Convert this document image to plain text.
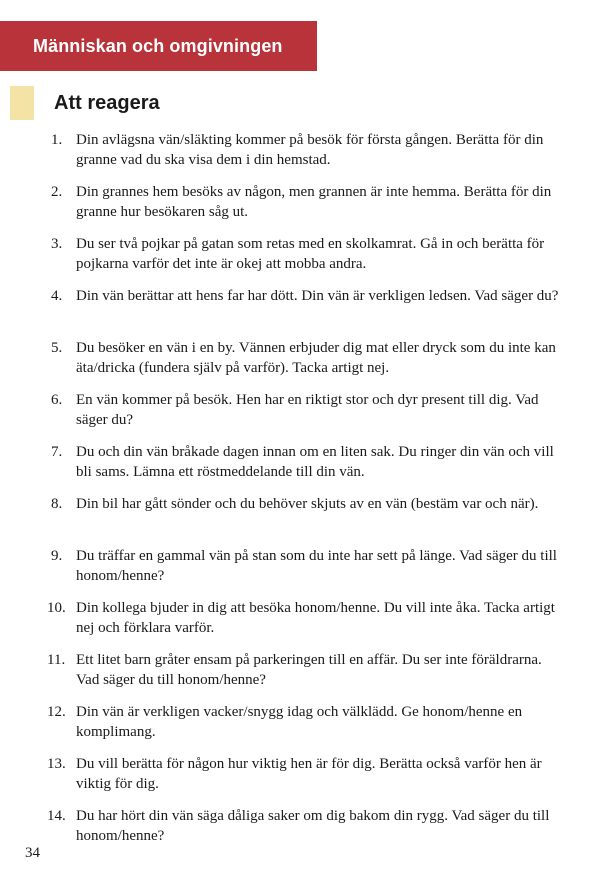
Människan och omgivningen
Att reagera
1. Din avlägsna vän/släkting kommer på besök för första gången. Berätta för din granne vad du ska visa dem i din hemstad.
2. Din grannes hem besöks av någon, men grannen är inte hemma. Berätta för din granne hur besökaren såg ut.
3. Du ser två pojkar på gatan som retas med en skolkamrat. Gå in och berätta för pojkarna varför det inte är okej att mobba andra.
4. Din vän berättar att hens far har dött. Din vän är verkligen ledsen. Vad säger du?
5. Du besöker en vän i en by. Vännen erbjuder dig mat eller dryck som du inte kan äta/dricka (fundera själv på varför). Tacka artigt nej.
6. En vän kommer på besök. Hen har en riktigt stor och dyr present till dig. Vad säger du?
7. Du och din vän bråkade dagen innan om en liten sak. Du ringer din vän och vill bli sams. Lämna ett röstmeddelande till din vän.
8. Din bil har gått sönder och du behöver skjuts av en vän (bestäm var och när).
9. Du träffar en gammal vän på stan som du inte har sett på länge. Vad säger du till honom/henne?
10. Din kollega bjuder in dig att besöka honom/henne. Du vill inte åka. Tacka artigt nej och förklara varför.
11. Ett litet barn gråter ensam på parkeringen till en affär. Du ser inte föräldrarna. Vad säger du till honom/henne?
12. Din vän är verkligen vacker/snygg idag och välklädd. Ge honom/henne en komplimang.
13. Du vill berätta för någon hur viktig hen är för dig. Berätta också varför hen är viktig för dig.
14. Du har hört din vän säga dåliga saker om dig bakom din rygg. Vad säger du till honom/henne?
34
